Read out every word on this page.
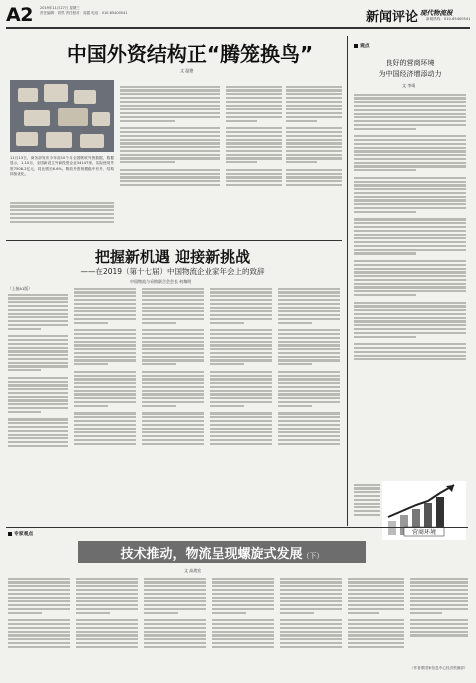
A2 2019年11月27日 星期三
责任编辑：刘然 责任校对：周霞 电话：010-65400541	新闻评论 现代物流报
新闻热线：010-65400541
中国外资结构正“腾笼换鸟”
文 温德
11月13日，商务部发布今年前10个月全国吸收外资数据，数据显示，1-10月，全国新设立外商投资企业34147家，实际使用外资7508.2亿元，同比增长6.6%。吸收外资规模稳中有升，结构持续优化。
把握新机遇 迎接新挑战
——在2019（第十七届）中国物流企业家年会上的致辞
中国物流与采购联合会会长 何黎明
（上接A1版）
观点
良好的营商环境
为中国经济增添动力
文 李靖
营商环境
专家观点
技术推动，物流呈现螺旋式发展（下）
文 高战宏
（作者系国家信息中心经济预测部）
